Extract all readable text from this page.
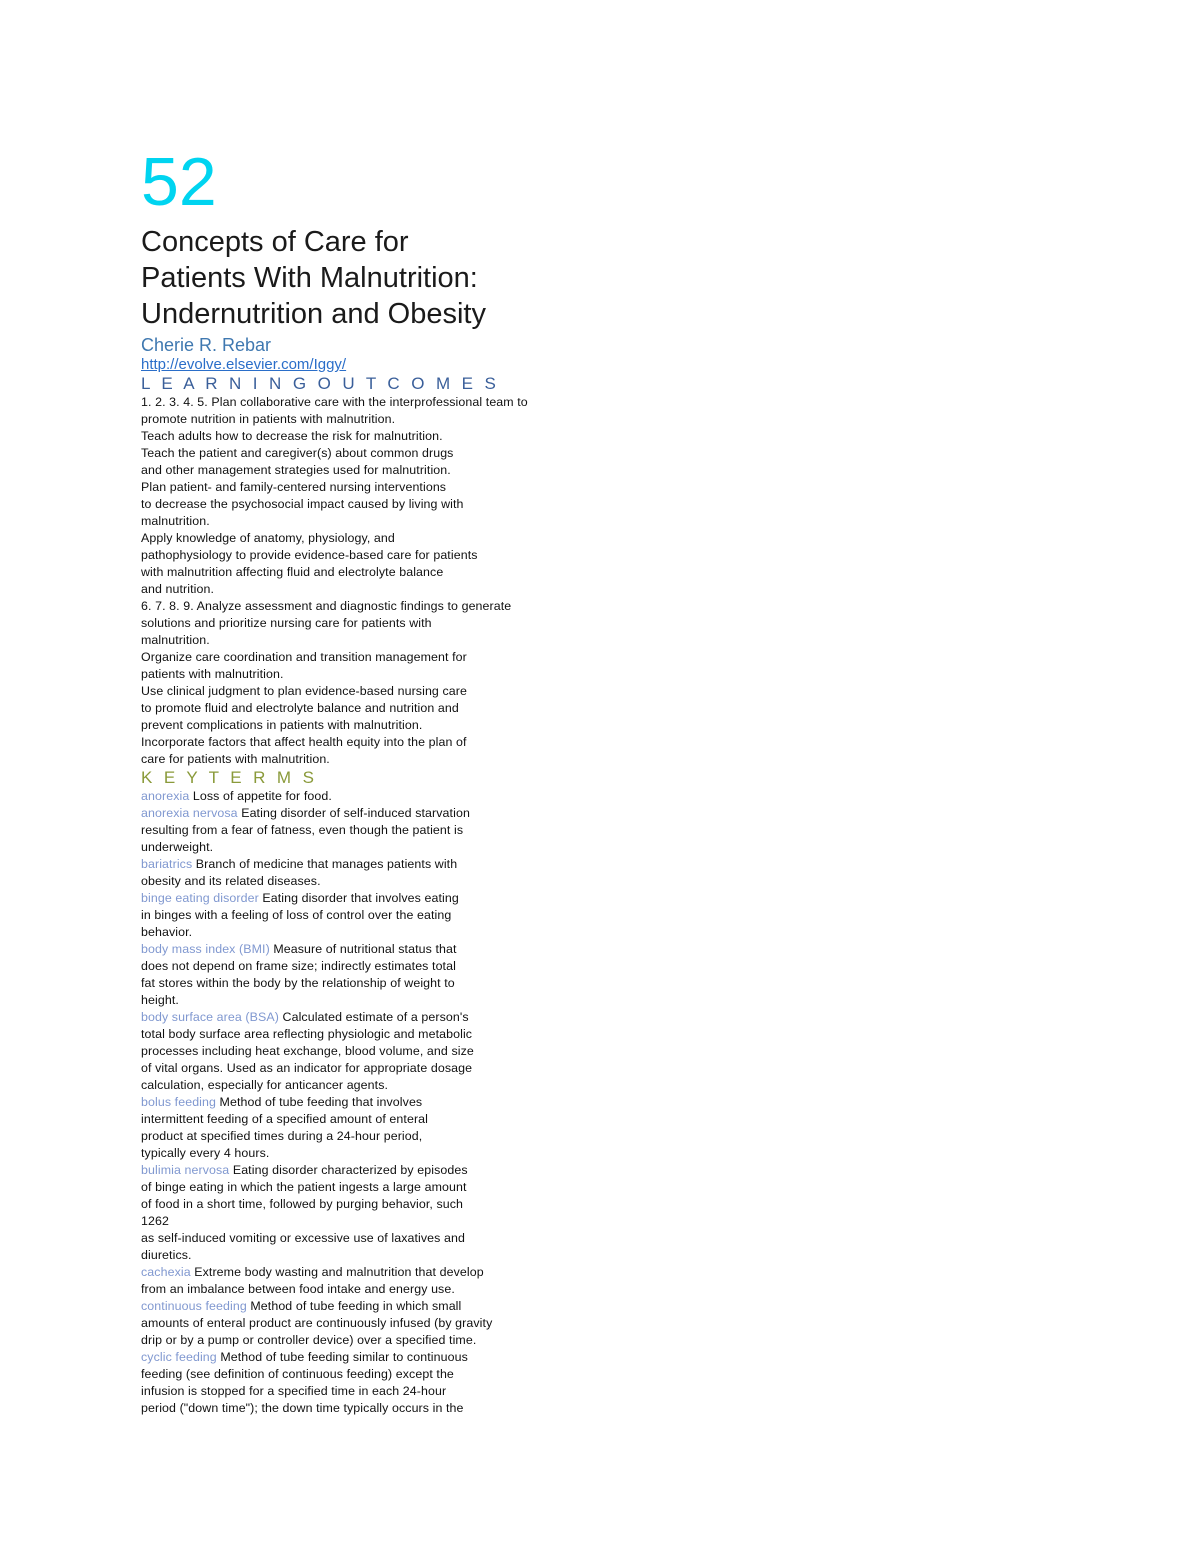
52
Concepts of Care for
Patients With Malnutrition:
Undernutrition and Obesity
Cherie R. Rebar
http://evolve.elsevier.com/Iggy/
L E A R N I N G O U T C O M E S
1. 2. 3. 4. 5. Plan collaborative care with the interprofessional team to
promote nutrition in patients with malnutrition.
Teach adults how to decrease the risk for malnutrition.
Teach the patient and caregiver(s) about common drugs
and other management strategies used for malnutrition.
Plan patient- and family-centered nursing interventions
to decrease the psychosocial impact caused by living with
malnutrition.
Apply knowledge of anatomy, physiology, and
pathophysiology to provide evidence-based care for patients
with malnutrition affecting fluid and electrolyte balance
and nutrition.
6. 7. 8. 9. Analyze assessment and diagnostic findings to generate
solutions and prioritize nursing care for patients with
malnutrition.
Organize care coordination and transition management for
patients with malnutrition.
Use clinical judgment to plan evidence-based nursing care
to promote fluid and electrolyte balance and nutrition and
prevent complications in patients with malnutrition.
Incorporate factors that affect health equity into the plan of
care for patients with malnutrition.
K E Y T E R M S
anorexia Loss of appetite for food.
anorexia nervosa Eating disorder of self-induced starvation
resulting from a fear of fatness, even though the patient is
underweight.
bariatrics Branch of medicine that manages patients with
obesity and its related diseases.
binge eating disorder Eating disorder that involves eating
in binges with a feeling of loss of control over the eating
behavior.
body mass index (BMI) Measure of nutritional status that
does not depend on frame size; indirectly estimates total
fat stores within the body by the relationship of weight to
height.
body surface area (BSA) Calculated estimate of a person's
total body surface area reflecting physiologic and metabolic
processes including heat exchange, blood volume, and size
of vital organs. Used as an indicator for appropriate dosage
calculation, especially for anticancer agents.
bolus feeding Method of tube feeding that involves
intermittent feeding of a specified amount of enteral
product at specified times during a 24-hour period,
typically every 4 hours.
bulimia nervosa Eating disorder characterized by episodes
of binge eating in which the patient ingests a large amount
of food in a short time, followed by purging behavior, such
1262
as self-induced vomiting or excessive use of laxatives and
diuretics.
cachexia Extreme body wasting and malnutrition that develop
from an imbalance between food intake and energy use.
continuous feeding Method of tube feeding in which small
amounts of enteral product are continuously infused (by gravity
drip or by a pump or controller device) over a specified time.
cyclic feeding Method of tube feeding similar to continuous
feeding (see definition of continuous feeding) except the
infusion is stopped for a specified time in each 24-hour
period ("down time"); the down time typically occurs in the
